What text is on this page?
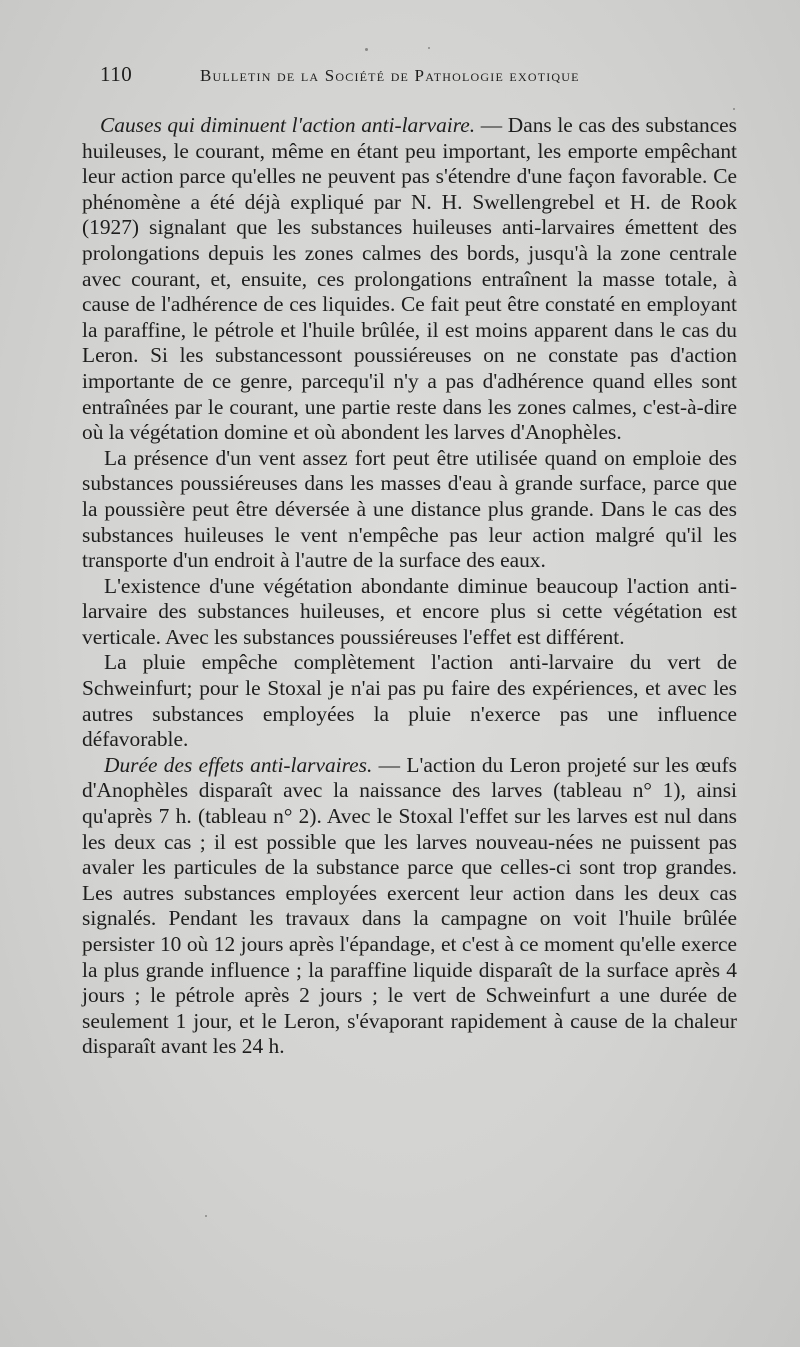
110	Bulletin de la Société de Pathologie exotique

Causes qui diminuent l'action anti-larvaire. — Dans le cas des substances huileuses, le courant, même en étant peu important, les emporte empêchant leur action parce qu'elles ne peuvent pas s'étendre d'une façon favorable. Ce phénomène a été déjà expliqué par N. H. Swellengrebel et H. de Rook (1927) signalant que les substances huileuses anti-larvaires émettent des prolongations depuis les zones calmes des bords, jusqu'à la zone centrale avec courant, et, ensuite, ces prolongations entraînent la masse totale, à cause de l'adhérence de ces liquides. Ce fait peut être constaté en employant la paraffine, le pétrole et l'huile brûlée, il est moins apparent dans le cas du Leron. Si les substancessont poussiéreuses on ne constate pas d'action importante de ce genre, parcequ'il n'y a pas d'adhérence quand elles sont entraînées par le courant, une partie reste dans les zones calmes, c'est-à-dire où la végétation domine et où abondent les larves d'Anophèles.

La présence d'un vent assez fort peut être utilisée quand on emploie des substances poussiéreuses dans les masses d'eau à grande surface, parce que la poussière peut être déversée à une distance plus grande. Dans le cas des substances huileuses le vent n'empêche pas leur action malgré qu'il les transporte d'un endroit à l'autre de la surface des eaux.

L'existence d'une végétation abondante diminue beaucoup l'action anti-larvaire des substances huileuses, et encore plus si cette végétation est verticale. Avec les substances poussiéreuses l'effet est différent.

La pluie empêche complètement l'action anti-larvaire du vert de Schweinfurt; pour le Stoxal je n'ai pas pu faire des expériences, et avec les autres substances employées la pluie n'exerce pas une influence défavorable.

Durée des effets anti-larvaires. — L'action du Leron projeté sur les œufs d'Anophèles disparaît avec la naissance des larves (tableau n° 1), ainsi qu'après 7 h. (tableau n° 2). Avec le Stoxal l'effet sur les larves est nul dans les deux cas ; il est possible que les larves nouveau-nées ne puissent pas avaler les particules de la substance parce que celles-ci sont trop grandes. Les autres substances employées exercent leur action dans les deux cas signalés. Pendant les travaux dans la campagne on voit l'huile brûlée persister 10 où 12 jours après l'épandage, et c'est à ce moment qu'elle exerce la plus grande influence ; la paraffine liquide disparaît de la surface après 4 jours ; le pétrole après 2 jours ; le vert de Schweinfurt a une durée de seulement 1 jour, et le Leron, s'évaporant rapidement à cause de la chaleur disparaît avant les 24 h.
